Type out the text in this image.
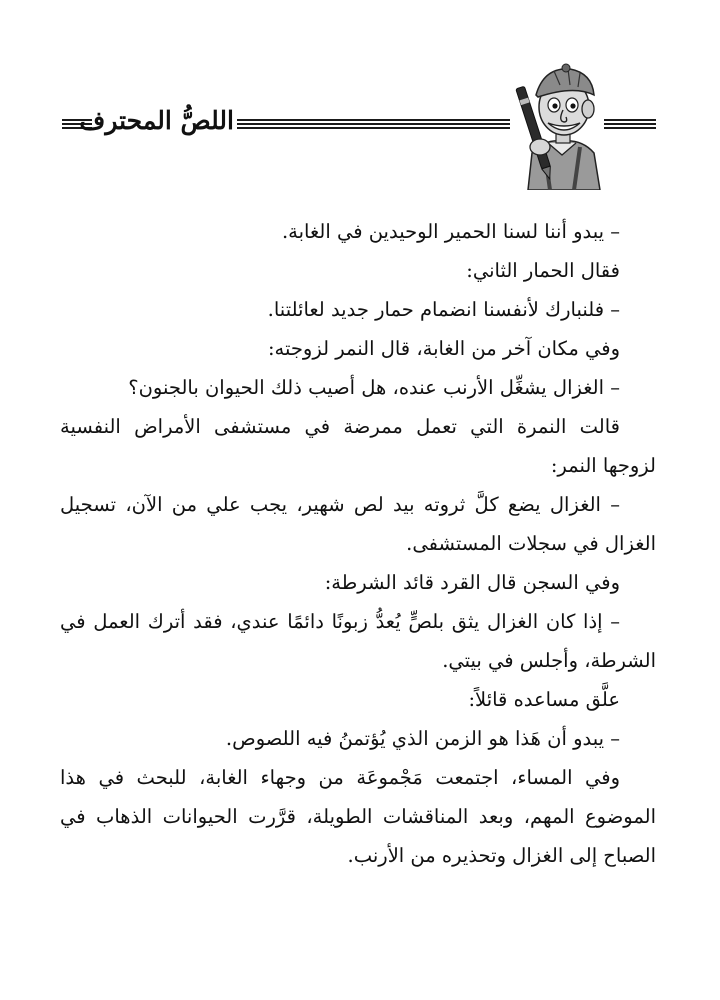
اللصُّ المحترف

– يبدو أننا لسنا الحمير الوحيدين في الغابة.

فقال الحمار الثاني:

– فلنبارك لأنفسنا انضمام حمار جديد لعائلتنا.

وفي مكان آخر من الغابة، قال النمر لزوجته:

– الغزال يشغِّل الأرنب عنده، هل أصيب ذلك الحيوان بالجنون؟

قالت النمرة التي تعمل ممرضة في مستشفى الأمراض النفسية لزوجها النمر:

– الغزال يضع كلَّ ثروته بيد لص شهير، يجب علي من الآن، تسجيل الغزال في سجلات المستشفى.

وفي السجن قال القرد قائد الشرطة:

– إذا كان الغزال يثق بلصٍّ يُعدُّ زبونًا دائمًا عندي، فقد أترك العمل في الشرطة، وأجلس في بيتي.

علَّق مساعده قائلاً:

– يبدو أن هَذا هو الزمن الذي يُؤتمنُ فيه اللصوص.

وفي المساء، اجتمعت مَجْموعَة من وجهاء الغابة، للبحث في هذا الموضوع المهم، وبعد المناقشات الطويلة، قرَّرت الحيوانات الذهاب في الصباح إلى الغزال وتحذيره من الأرنب.
